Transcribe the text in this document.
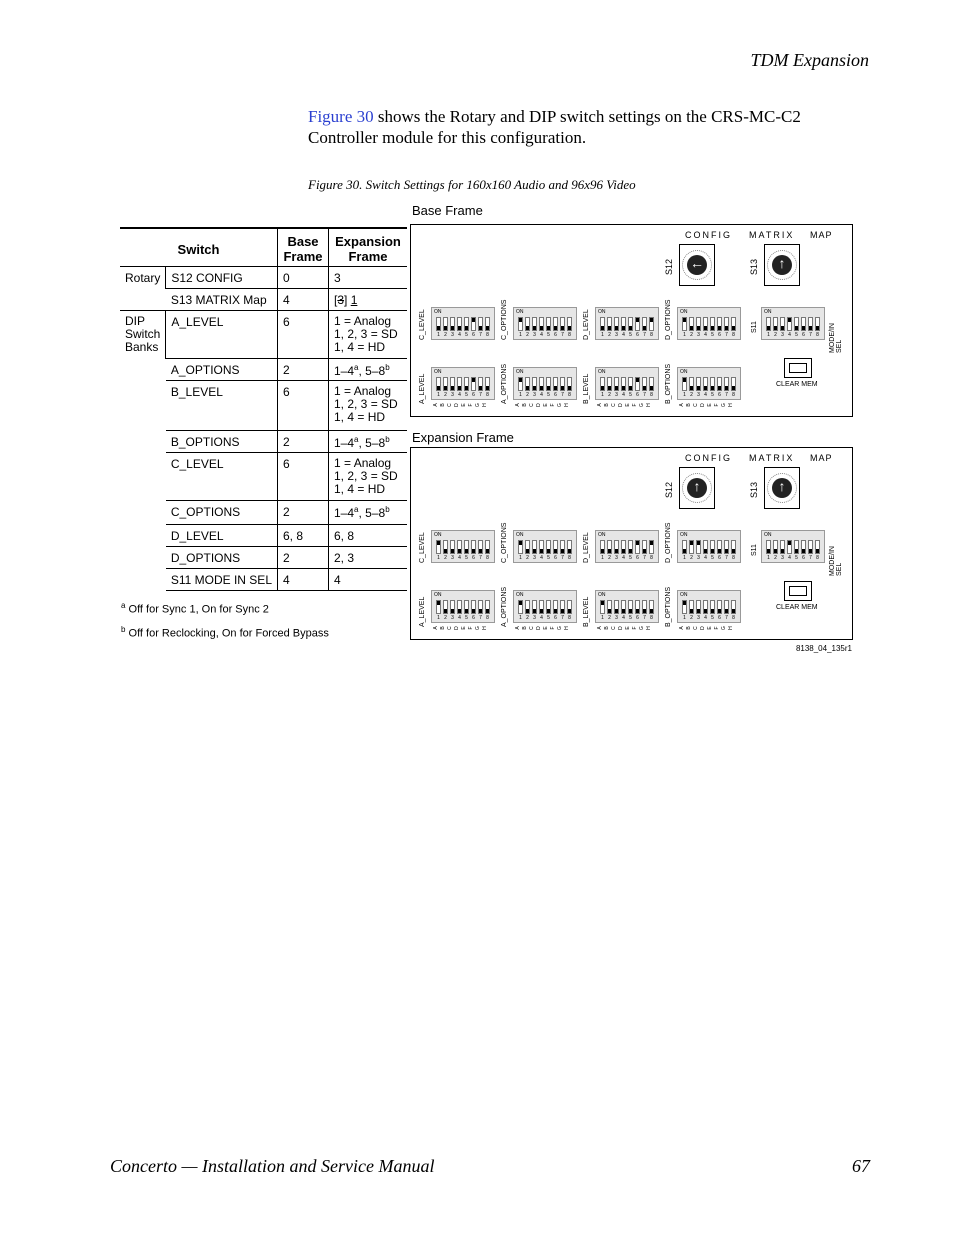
TDM Expansion
Figure 30 shows the Rotary and DIP switch settings on the CRS-MC-C2 Controller module for this configuration.
Figure 30. Switch Settings for 160x160 Audio and 96x96 Video
Switch		Base Frame	Expansion Frame
Rotary	S12 CONFIG	0	3
	S13 MATRIX Map	4	[3] 1
DIP Switch Banks	A_LEVEL	6	1 = Analog
1, 2, 3 = SD
1, 4 = HD

	A_OPTIONS	2	1–4$^a$, 5–8$^b$
	B_LEVEL	6	1 = Analog
1, 2, 3 = SD
1, 4 = HD

	B_OPTIONS	2	1–4$^a$, 5–8$^b$
	C_LEVEL	6	1 = Analog
1, 2, 3 = SD
1, 4 = HD

	C_OPTIONS	2	1–4$^a$, 5–8$^b$
	D_LEVEL	6, 8	6, 8
	D_OPTIONS	2	2, 3
	S11 MODE IN SEL	4	4
$^a$ Off for Sync 1, On for Sync 2
$^b$ Off for Reclocking, On for Forced Bypass
Base Frame
CONFIG MATRIX MAP
S12	S13
←	↑
C_LEVEL ON
1 2 3 4 5 6 7 8 C_OPTIONS ON
1 2 3 4 5 6 7 8 D_LEVEL ON
1 2 3 4 5 6 7 8 D_OPTIONS ON
1 2 3 4 5 6 7 8
A_LEVEL
ON
1 2 3 4 5 6 7 8
A B C D E F G H
A_OPTIONS ON
1 2 3 4 5 6 7 8
A B C D E F G H
B_LEVEL
ON
1 2 3 4 5 6 7 8
A B C D E F G H
B_OPTIONS ON
1 2 3 4 5 6 7 8
A B C D E F G H
S11
ON
1 2 3 4 5 6 7 8 MODE/IN SEL
CLEAR MEM
Expansion Frame
CONFIG MATRIX MAP
S12	S13
↑	↑
C_LEVEL ON
1 2 3 4 5 6 7 8 C_OPTIONS ON
1 2 3 4 5 6 7 8 D_LEVEL ON
1 2 3 4 5 6 7 8 D_OPTIONS ON
1 2 3 4 5 6 7 8
A_LEVEL
ON
1 2 3 4 5 6 7 8
A B C D E F G H
A_OPTIONS ON
1 2 3 4 5 6 7 8
A B C D E F G H
B_LEVEL
ON
1 2 3 4 5 6 7 8
A B C D E F G H
B_OPTIONS ON
1 2 3 4 5 6 7 8
A B C D E F G H
S11
ON
1 2 3 4 5 6 7 8 MODE/IN SEL
CLEAR MEM
8138_04_135r1
Concerto — Installation and Service Manual	67
